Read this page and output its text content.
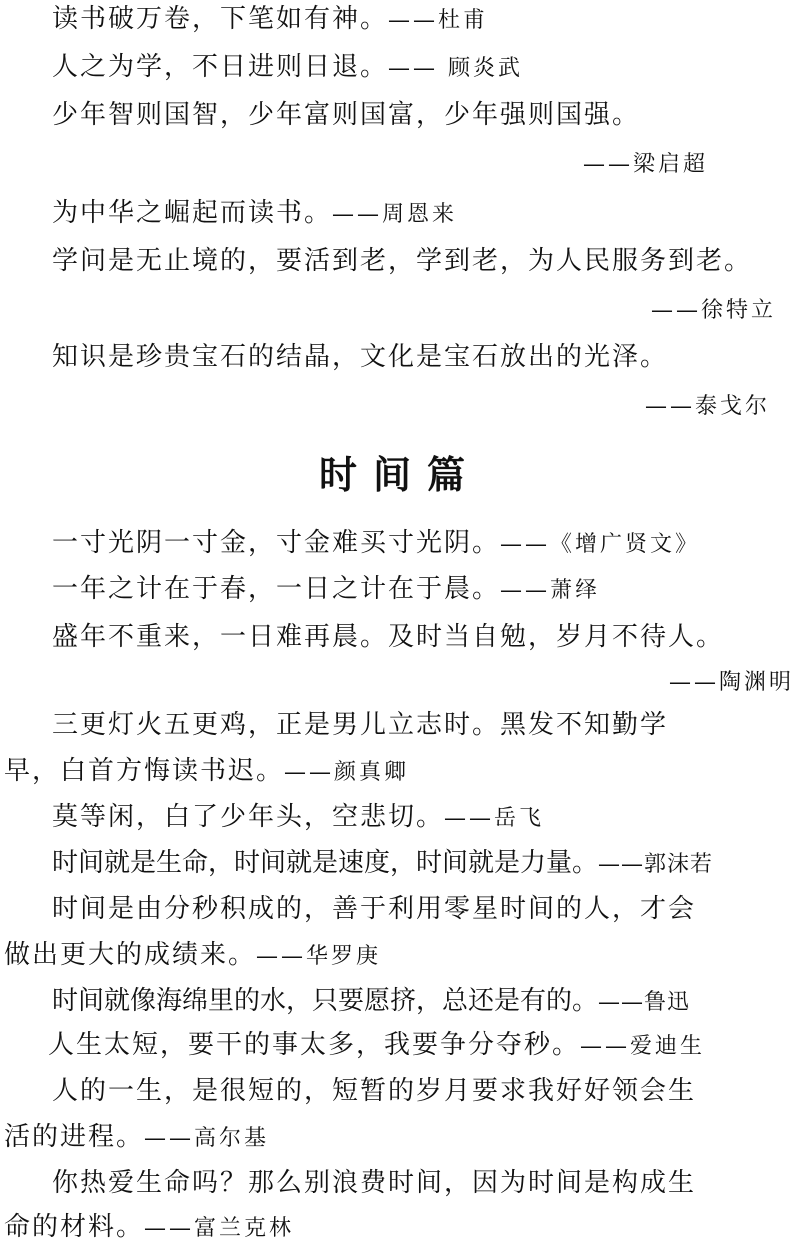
读书破万卷，下笔如有神。——杜甫
人之为学，不日进则日退。—— 顾炎武
少年智则国智，少年富则国富，少年强则国强。
——梁启超
为中华之崛起而读书。——周恩来
学问是无止境的，要活到老，学到老，为人民服务到老。
——徐特立
知识是珍贵宝石的结晶，文化是宝石放出的光泽。
——泰戈尔
时间篇
一寸光阴一寸金，寸金难买寸光阴。——《增广贤文》
一年之计在于春，一日之计在于晨。——萧绎
盛年不重来，一日难再晨。及时当自勉，岁月不待人。
——陶渊明
三更灯火五更鸡，正是男儿立志时。黑发不知勤学
早，白首方悔读书迟。——颜真卿
莫等闲，白了少年头，空悲切。——岳飞
时间就是生命，时间就是速度，时间就是力量。——郭沫若
时间是由分秒积成的，善于利用零星时间的人，才会
做出更大的成绩来。——华罗庚
时间就像海绵里的水，只要愿挤，总还是有的。——鲁迅
人生太短，要干的事太多，我要争分夺秒。——爱迪生
人的一生，是很短的，短暂的岁月要求我好好领会生
活的进程。——高尔基
你热爱生命吗？那么别浪费时间，因为时间是构成生
命的材料。——富兰克林
